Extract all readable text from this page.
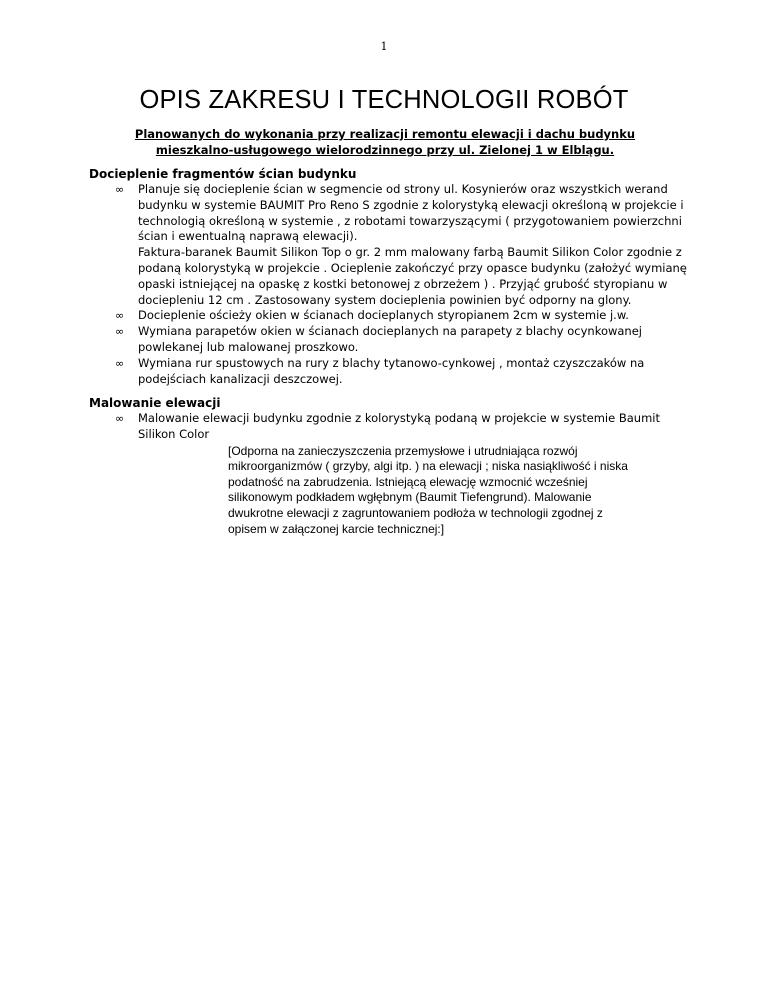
1
OPIS ZAKRESU I TECHNOLOGII ROBÓT
Planowanych do wykonania przy realizacji remontu elewacji i dachu budynku
mieszkalno-usługowego wielorodzinnego przy ul. Zielonej 1 w Elblągu.

Docieplenie fragmentów ścian budynku

∞ Planuje się docieplenie ścian w segmencie od strony ul. Kosynierów oraz wszystkich werand budynku w systemie BAUMIT Pro Reno S zgodnie z kolorystyką elewacji określoną w projekcie i technologią określoną w systemie , z robotami towarzyszącymi ( przygotowaniem powierzchni ścian i ewentualną naprawą elewacji).
Faktura-baranek Baumit Silikon Top o gr. 2 mm malowany farbą Baumit Silikon Color zgodnie z podaną kolorystyką w projekcie . Ocieplenie zakończyć przy opasce budynku (założyć wymianę opaski istniejącej na opaskę z kostki betonowej z obrzeżem ) . Przyjąć grubość styropianu w dociepleniu 12 cm . Zastosowany system docieplenia powinien być odporny na glony.
∞ Docieplenie ościeży okien w ścianach docieplanych styropianem 2cm w systemie j.w.
∞ Wymiana parapetów okien w ścianach docieplanych na parapety z blachy ocynkowanej powlekanej lub malowanej proszkowo.
∞ Wymiana rur spustowych na rury z blachy tytanowo-cynkowej , montaż czyszczaków na podejściach kanalizacji deszczowej.

Malowanie elewacji

∞ Malowanie elewacji budynku zgodnie z kolorystyką podaną w projekcie w systemie Baumit Silikon Color
[Odporna na zanieczyszczenia przemysłowe i utrudniająca rozwój mikroorganizmów ( grzyby, algi itp. ) na elewacji ; niska nasiąkliwość i niska podatność na zabrudzenia. Istniejącą elewację wzmocnić wcześniej silikonowym podkładem wgłębnym (Baumit Tiefengrund). Malowanie dwukrotne elewacji z zagruntowaniem podłoża w technologii zgodnej z opisem w załączonej karcie technicznej:]
